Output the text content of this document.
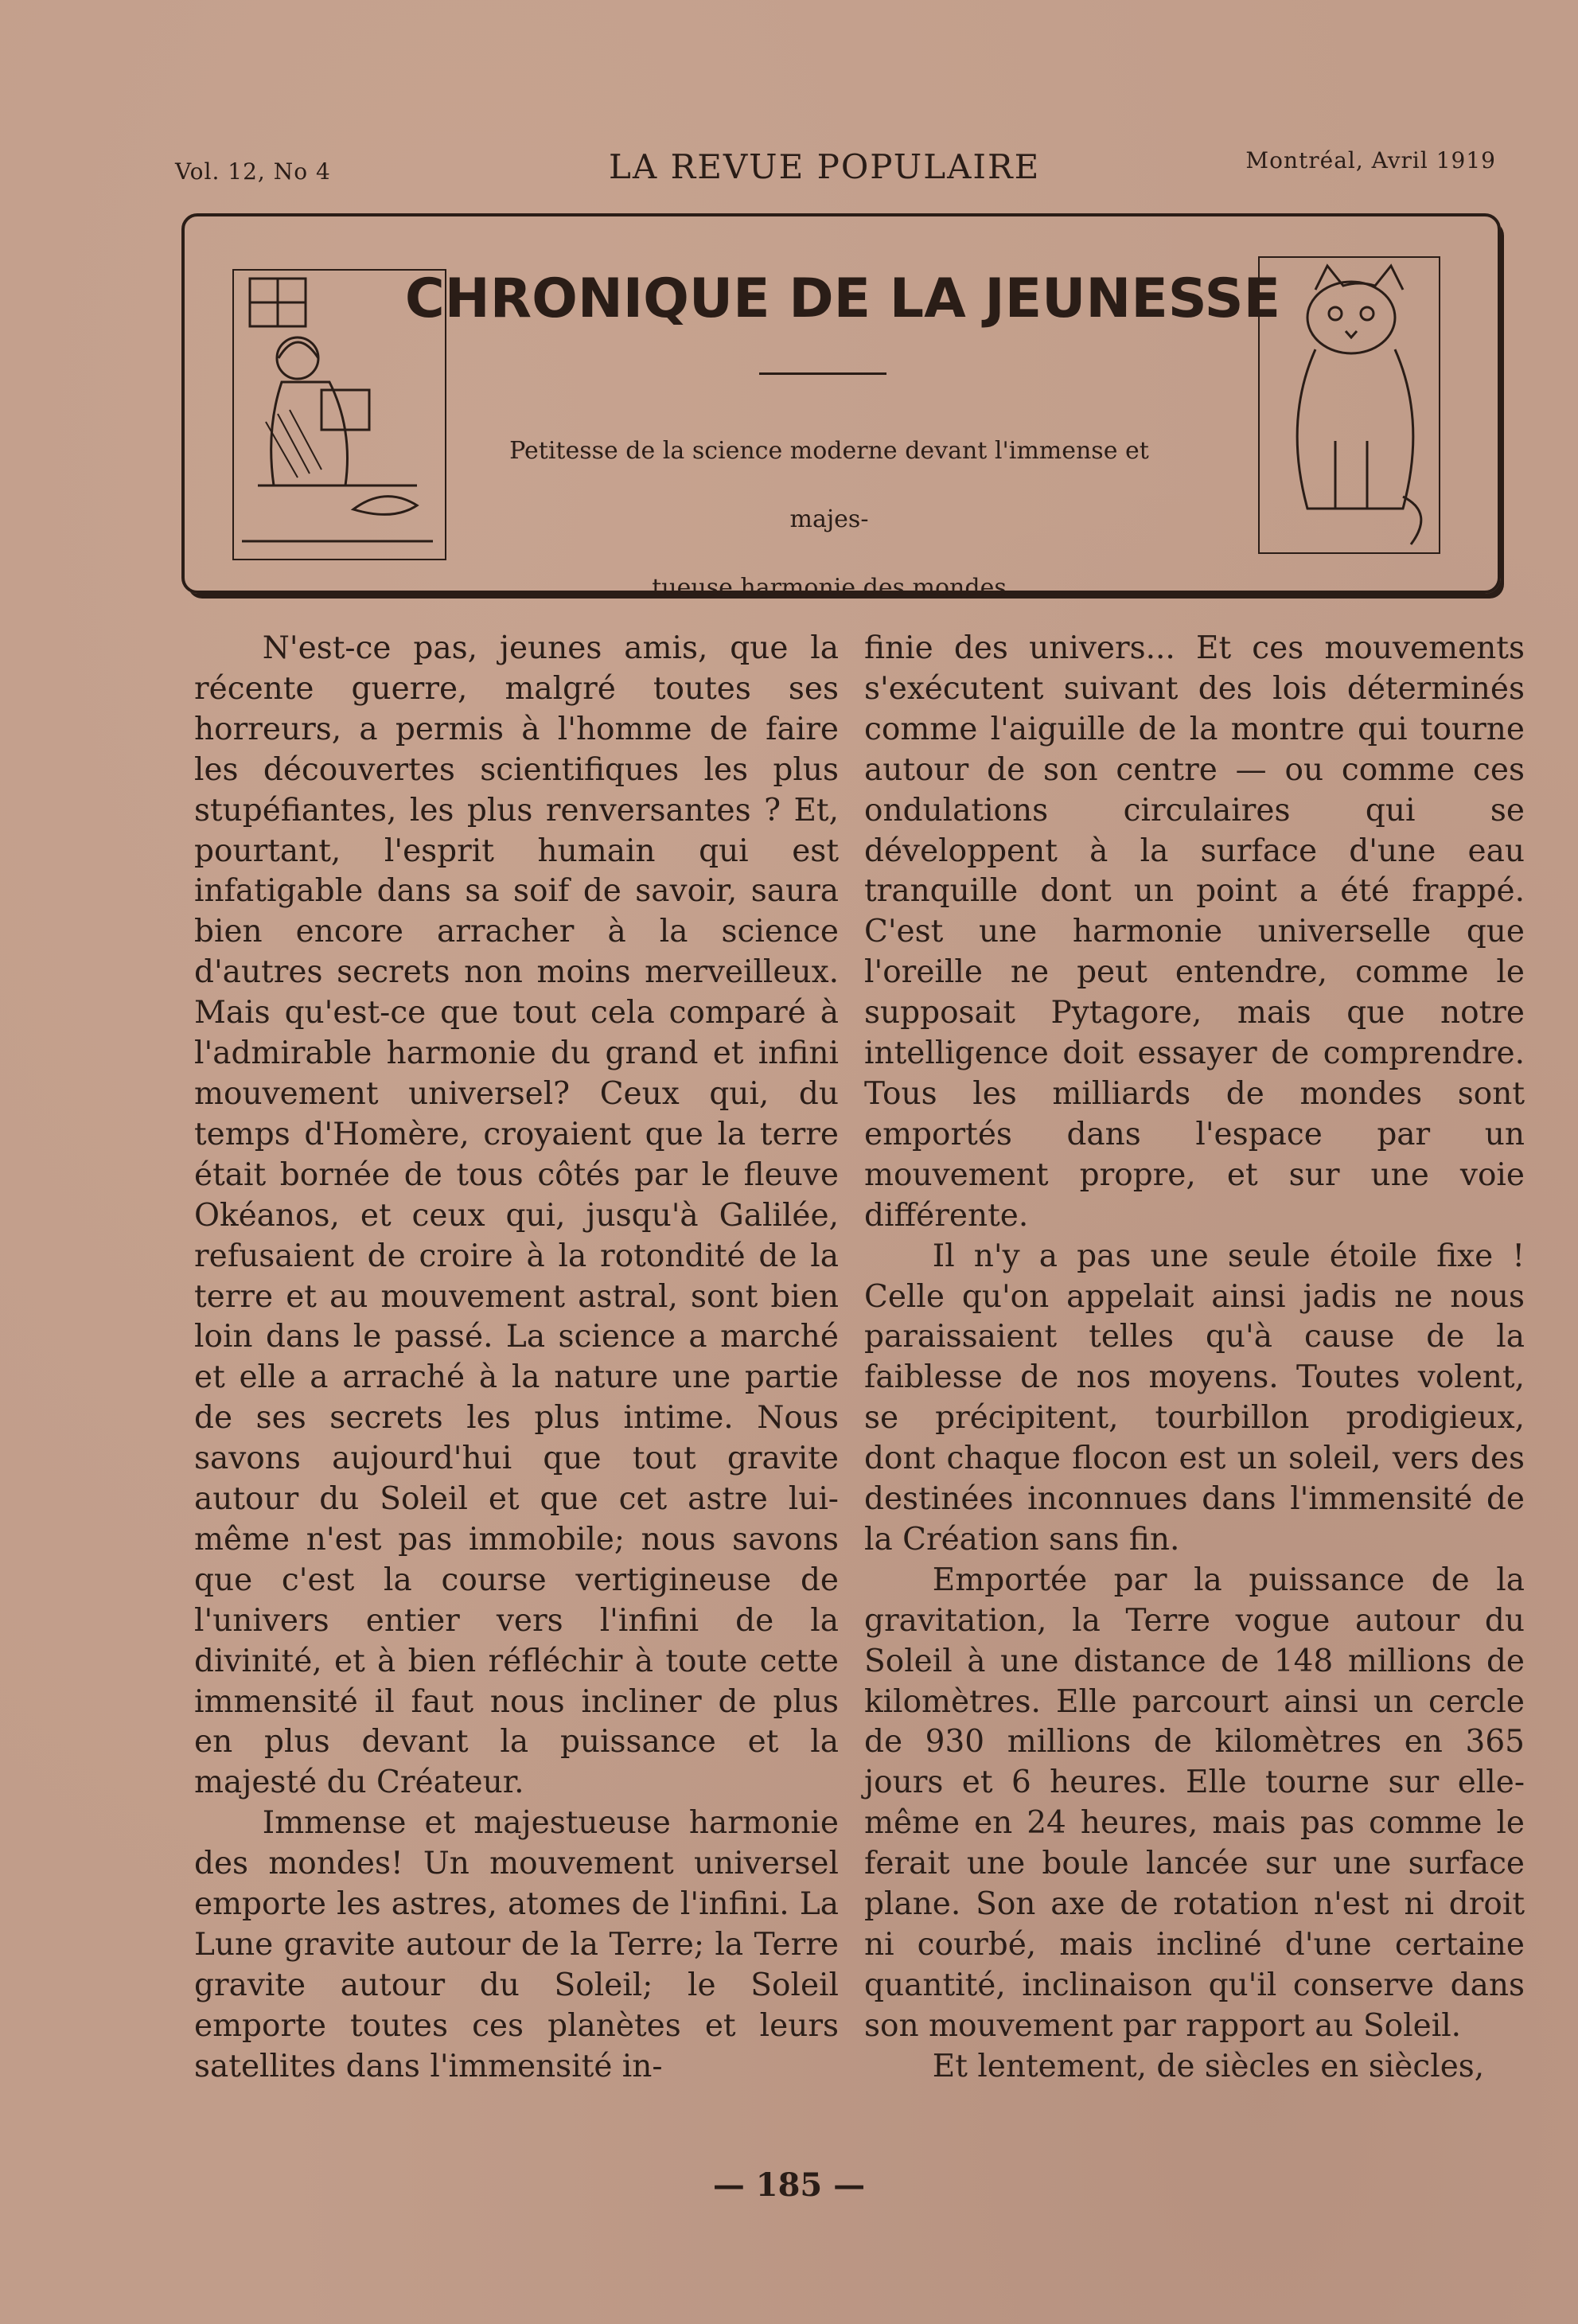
Vol. 12, No 4	LA REVUE POPULAIRE	Montréal, Avril 1919
CHRONIQUE DE LA JEUNESSE
Petitesse de la science moderne devant l'immense et majes-
tueuse harmonie des mondes

N'est-ce pas, jeunes amis, que la récente guerre, malgré toutes ses horreurs, a permis à l'homme de faire les découvertes scientifiques les plus stupéfiantes, les plus renversantes ? Et, pourtant, l'esprit humain qui est infatigable dans sa soif de savoir, saura bien encore arracher à la science d'autres secrets non moins merveilleux. Mais qu'est-ce que tout cela comparé à l'admirable harmonie du grand et infini mouvement universel? Ceux qui, du temps d'Homère, croyaient que la terre était bornée de tous côtés par le fleuve Okéanos, et ceux qui, jusqu'à Galilée, refusaient de croire à la rotondité de la terre et au mouvement astral, sont bien loin dans le passé. La science a marché et elle a arraché à la nature une partie de ses secrets les plus intime. Nous savons aujourd'hui que tout gravite autour du Soleil et que cet astre lui-même n'est pas immobile; nous savons que c'est la course vertigineuse de l'univers entier vers l'infini de la divinité, et à bien réfléchir à toute cette immensité il faut nous incliner de plus en plus devant la puissance et la majesté du Créateur.

Immense et majestueuse harmonie des mondes! Un mouvement universel emporte les astres, atomes de l'infini. La Lune gravite autour de la Terre; la Terre gravite autour du Soleil; le Soleil emporte toutes ces planètes et leurs satellites dans l'immensité in-

finie des univers... Et ces mouvements s'exécutent suivant des lois déterminés comme l'aiguille de la montre qui tourne autour de son centre — ou comme ces ondulations circulaires qui se développent à la surface d'une eau tranquille dont un point a été frappé. C'est une harmonie universelle que l'oreille ne peut entendre, comme le supposait Pytagore, mais que notre intelligence doit essayer de comprendre. Tous les milliards de mondes sont emportés dans l'espace par un mouvement propre, et sur une voie différente.

Il n'y a pas une seule étoile fixe ! Celle qu'on appelait ainsi jadis ne nous paraissaient telles qu'à cause de la faiblesse de nos moyens. Toutes volent, se précipitent, tourbillon prodigieux, dont chaque flocon est un soleil, vers des destinées inconnues dans l'immensité de la Création sans fin.

Emportée par la puissance de la gravitation, la Terre vogue autour du Soleil à une distance de 148 millions de kilomètres. Elle parcourt ainsi un cercle de 930 millions de kilomètres en 365 jours et 6 heures. Elle tourne sur elle-même en 24 heures, mais pas comme le ferait une boule lancée sur une surface plane. Son axe de rotation n'est ni droit ni courbé, mais incliné d'une certaine quantité, inclinaison qu'il conserve dans son mouvement par rapport au Soleil.

Et lentement, de siècles en siècles,

— 185 —
